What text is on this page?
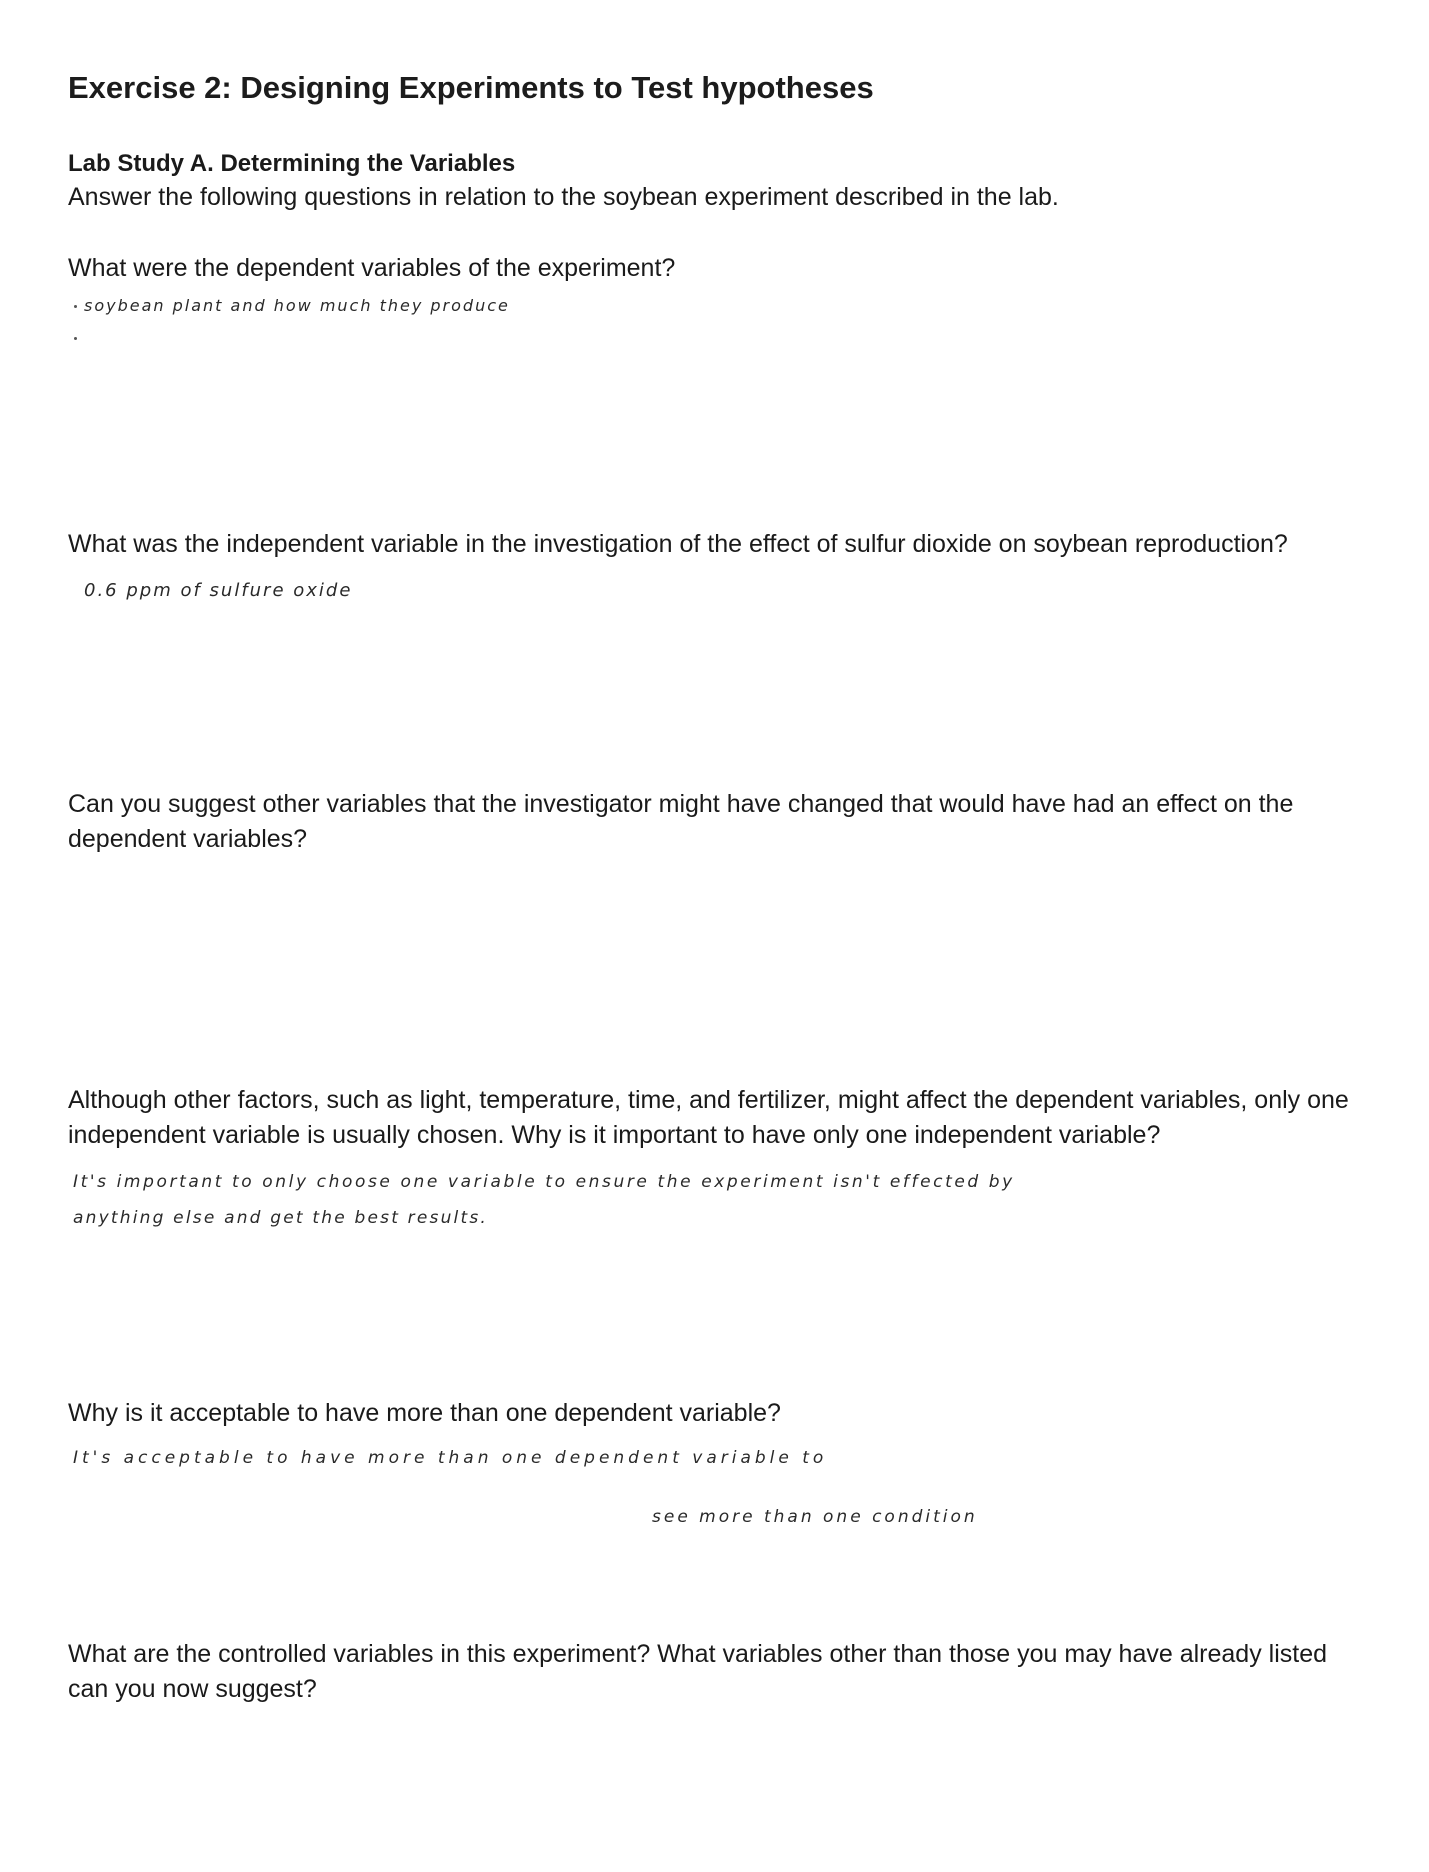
Exercise 2: Designing Experiments to Test hypotheses
Lab Study A. Determining the Variables
Answer the following questions in relation to the soybean experiment described in the lab.
What were the dependent variables of the experiment?
soybean plant and how much they produce
What was the independent variable in the investigation of the effect of sulfur dioxide on soybean reproduction?
0.6 ppm of sulfure oxide
Can you suggest other variables that the investigator might have changed that would have had an effect on the dependent variables?
Although other factors, such as light, temperature, time, and fertilizer, might affect the dependent variables, only one independent variable is usually chosen. Why is it important to have only one independent variable?
It's important to only choose one variable to ensure the experiment isn't effected by
anything else and get the best results.
Why is it acceptable to have more than one dependent variable?
It's acceptable to have more than one dependent variable to
see more than one condition
What are the controlled variables in this experiment? What variables other than those you may have already listed can you now suggest?
